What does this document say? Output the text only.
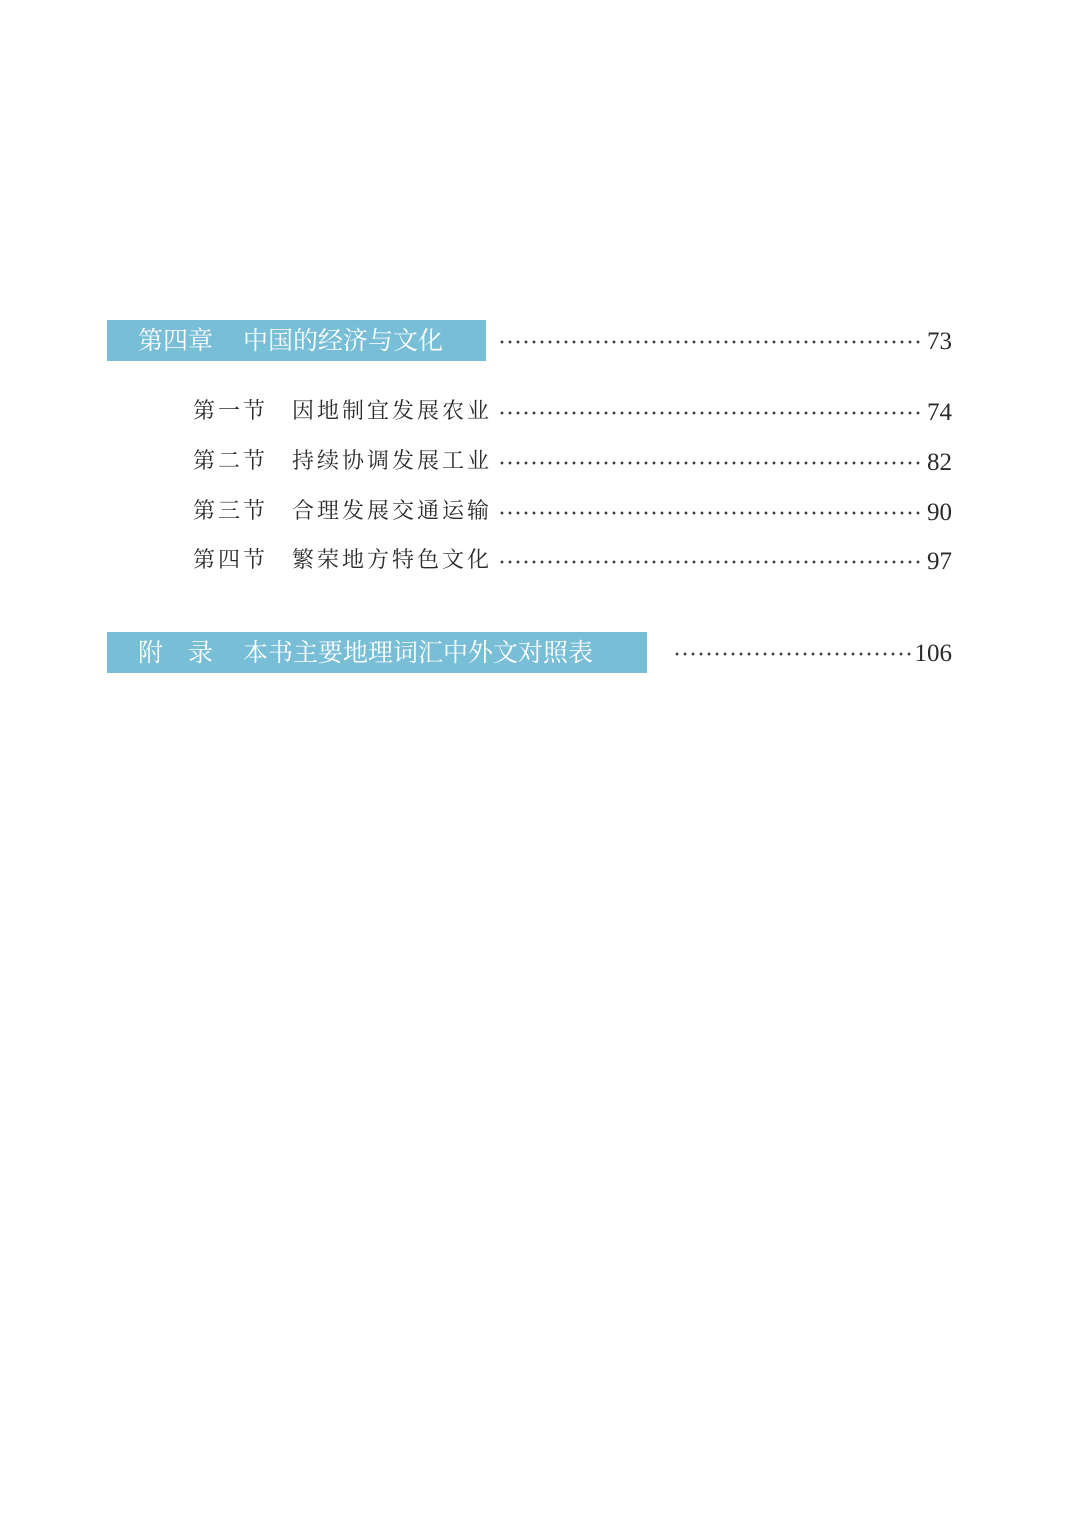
第四章 中国的经济与文化	73
第一节 因地制宜发展农业	74
第二节 持续协调发展工业	82
第三节 合理发展交通运输	90
第四节 繁荣地方特色文化	97
附　录 本书主要地理词汇中外文对照表	106
